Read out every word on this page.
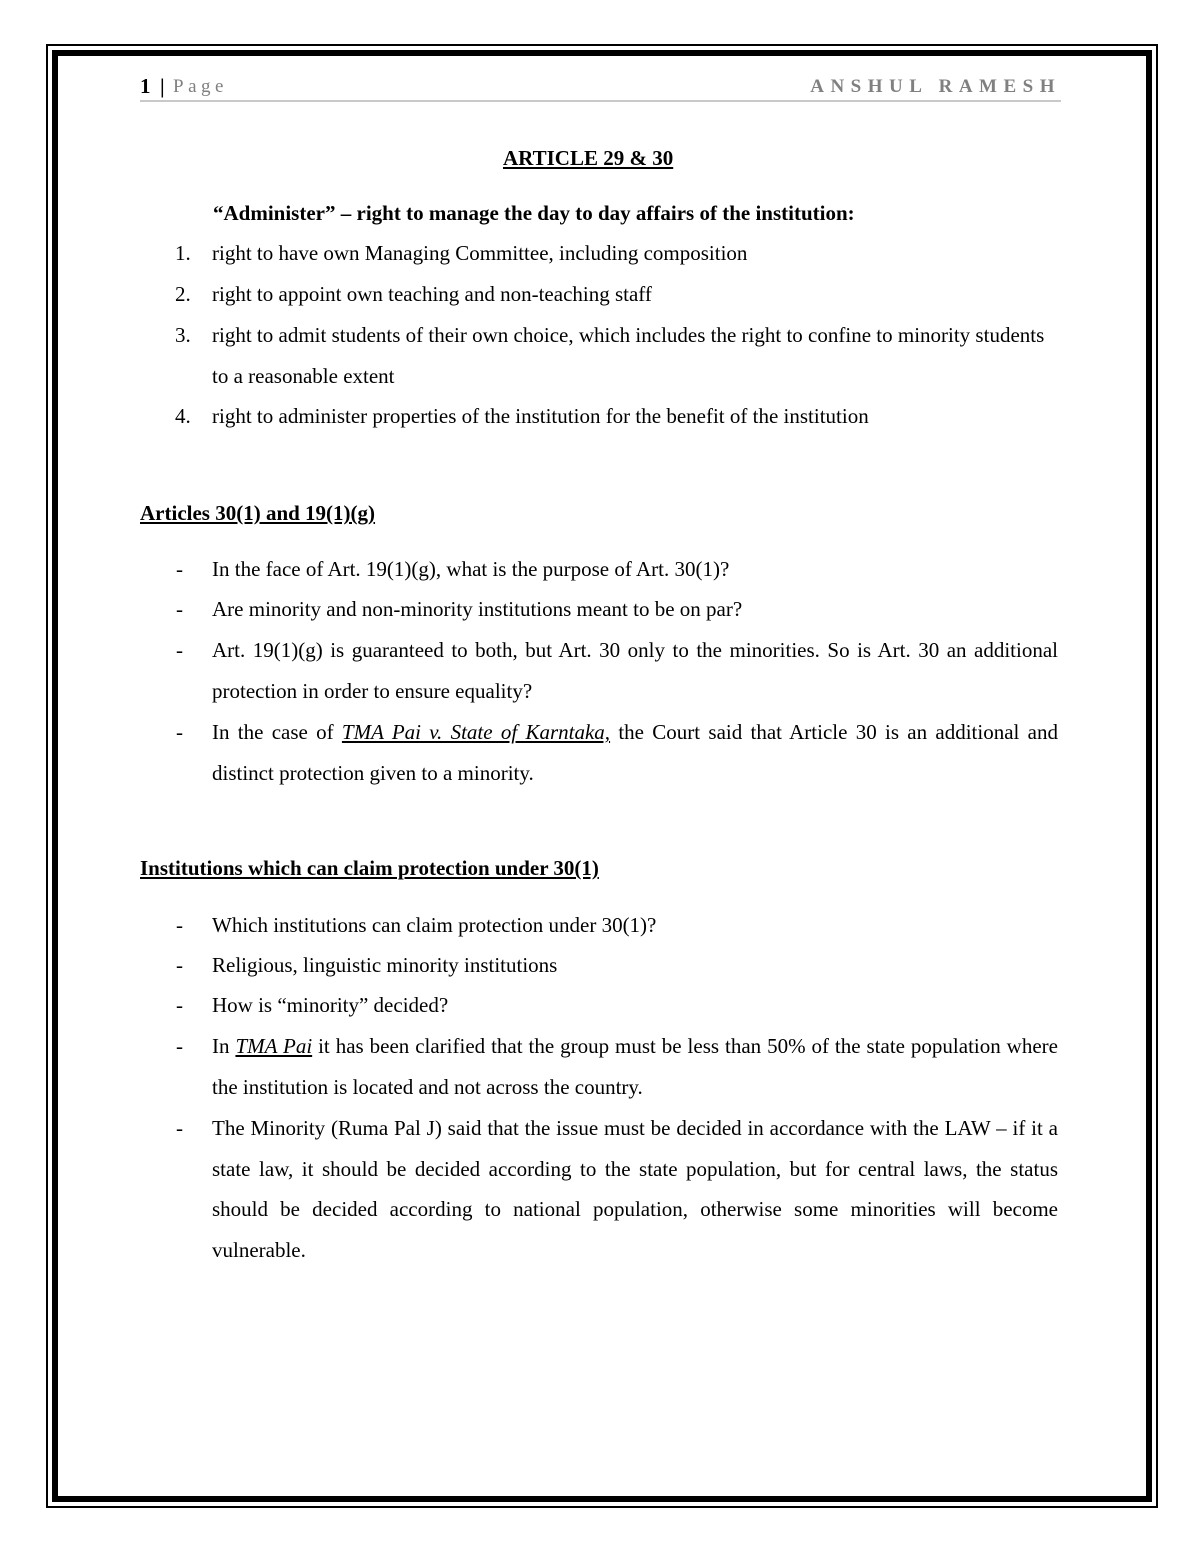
1 | Page	ANSHUL RAMESH
ARTICLE 29 & 30
“Administer” – right to manage the day to day affairs of the institution:
1. right to have own Managing Committee, including composition
2. right to appoint own teaching and non-teaching staff
3. right to admit students of their own choice, which includes the right to confine to minority students to a reasonable extent
4. right to administer properties of the institution for the benefit of the institution
Articles 30(1) and 19(1)(g)
- In the face of Art. 19(1)(g), what is the purpose of Art. 30(1)?
- Are minority and non-minority institutions meant to be on par?
- Art. 19(1)(g) is guaranteed to both, but Art. 30 only to the minorities. So is Art. 30 an additional protection in order to ensure equality?
- In the case of TMA Pai v. State of Karntaka, the Court said that Article 30 is an additional and distinct protection given to a minority.
Institutions which can claim protection under 30(1)
- Which institutions can claim protection under 30(1)?
- Religious, linguistic minority institutions
- How is “minority” decided?
- In TMA Pai it has been clarified that the group must be less than 50% of the state population where the institution is located and not across the country.
- The Minority (Ruma Pal J) said that the issue must be decided in accordance with the LAW – if it a state law, it should be decided according to the state population, but for central laws, the status should be decided according to national population, otherwise some minorities will become vulnerable.
